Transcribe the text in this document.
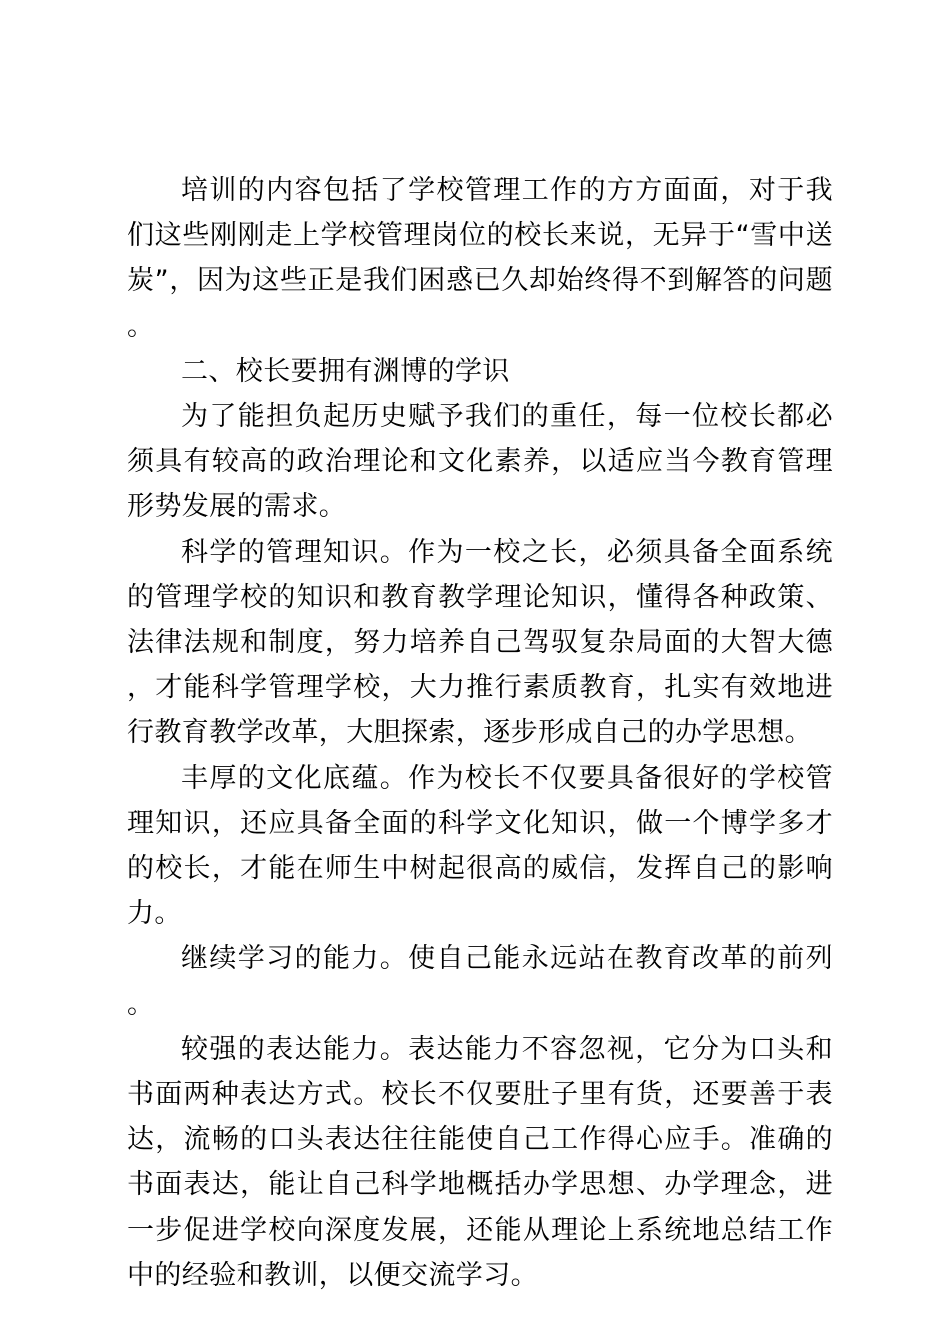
培训的内容包括了学校管理工作的方方面面，对于我们这些刚刚走上学校管理岗位的校长来说，无异于“雪中送炭”，因为这些正是我们困惑已久却始终得不到解答的问题。

二、校长要拥有渊博的学识

为了能担负起历史赋予我们的重任，每一位校长都必须具有较高的政治理论和文化素养，以适应当今教育管理形势发展的需求。

科学的管理知识。作为一校之长，必须具备全面系统的管理学校的知识和教育教学理论知识，懂得各种政策、法律法规和制度，努力培养自己驾驭复杂局面的大智大德，才能科学管理学校，大力推行素质教育，扎实有效地进行教育教学改革，大胆探索，逐步形成自己的办学思想。

丰厚的文化底蕴。作为校长不仅要具备很好的学校管理知识，还应具备全面的科学文化知识，做一个博学多才的校长，才能在师生中树起很高的威信，发挥自己的影响力。

继续学习的能力。使自己能永远站在教育改革的前列。

较强的表达能力。表达能力不容忽视，它分为口头和书面两种表达方式。校长不仅要肚子里有货，还要善于表达，流畅的口头表达往往能使自己工作得心应手。准确的书面表达，能让自己科学地概括办学思想、办学理念，进一步促进学校向深度发展，还能从理论上系统地总结工作中的经验和教训，以便交流学习。
